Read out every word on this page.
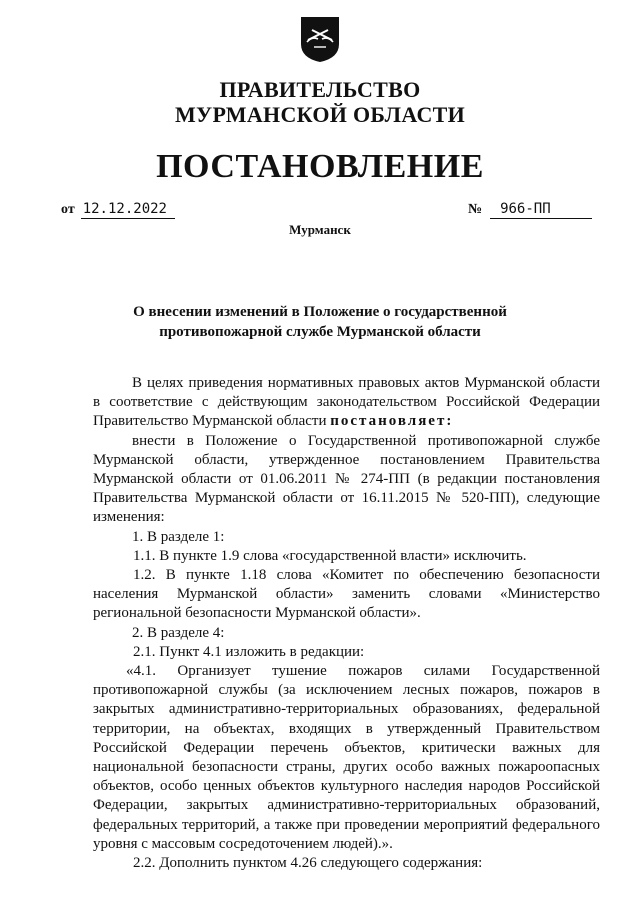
ПРАВИТЕЛЬСТВО
МУРМАНСКОЙ ОБЛАСТИ
ПОСТАНОВЛЕНИЕ
от 12.12.2022	№ 966-ПП
Мурманск
О внесении изменений в Положение о государственной
противопожарной службе Мурманской области

В целях приведения нормативных правовых актов Мурманской области в соответствие с действующим законодательством Российской Федерации Правительство Мурманской области постановляет:

внести в Положение о Государственной противопожарной службе Мурманской области, утвержденное постановлением Правительства Мурманской области от 01.06.2011 № 274-ПП (в редакции постановления Правительства Мурманской области от 16.11.2015 № 520-ПП), следующие изменения:

1. В разделе 1:

1.1. В пункте 1.9 слова «государственной власти» исключить.

1.2. В пункте 1.18 слова «Комитет по обеспечению безопасности населения Мурманской области» заменить словами «Министерство региональной безопасности Мурманской области».

2. В разделе 4:

2.1. Пункт 4.1 изложить в редакции:

«4.1. Организует тушение пожаров силами Государственной противопожарной службы (за исключением лесных пожаров, пожаров в закрытых административно-территориальных образованиях, федеральной территории, на объектах, входящих в утвержденный Правительством Российской Федерации перечень объектов, критически важных для национальной безопасности страны, других особо важных пожароопасных объектов, особо ценных объектов культурного наследия народов Российской Федерации, закрытых административно-территориальных образований, федеральных территорий, а также при проведении мероприятий федерального уровня с массовым сосредоточением людей).».

2.2. Дополнить пунктом 4.26 следующего содержания:
